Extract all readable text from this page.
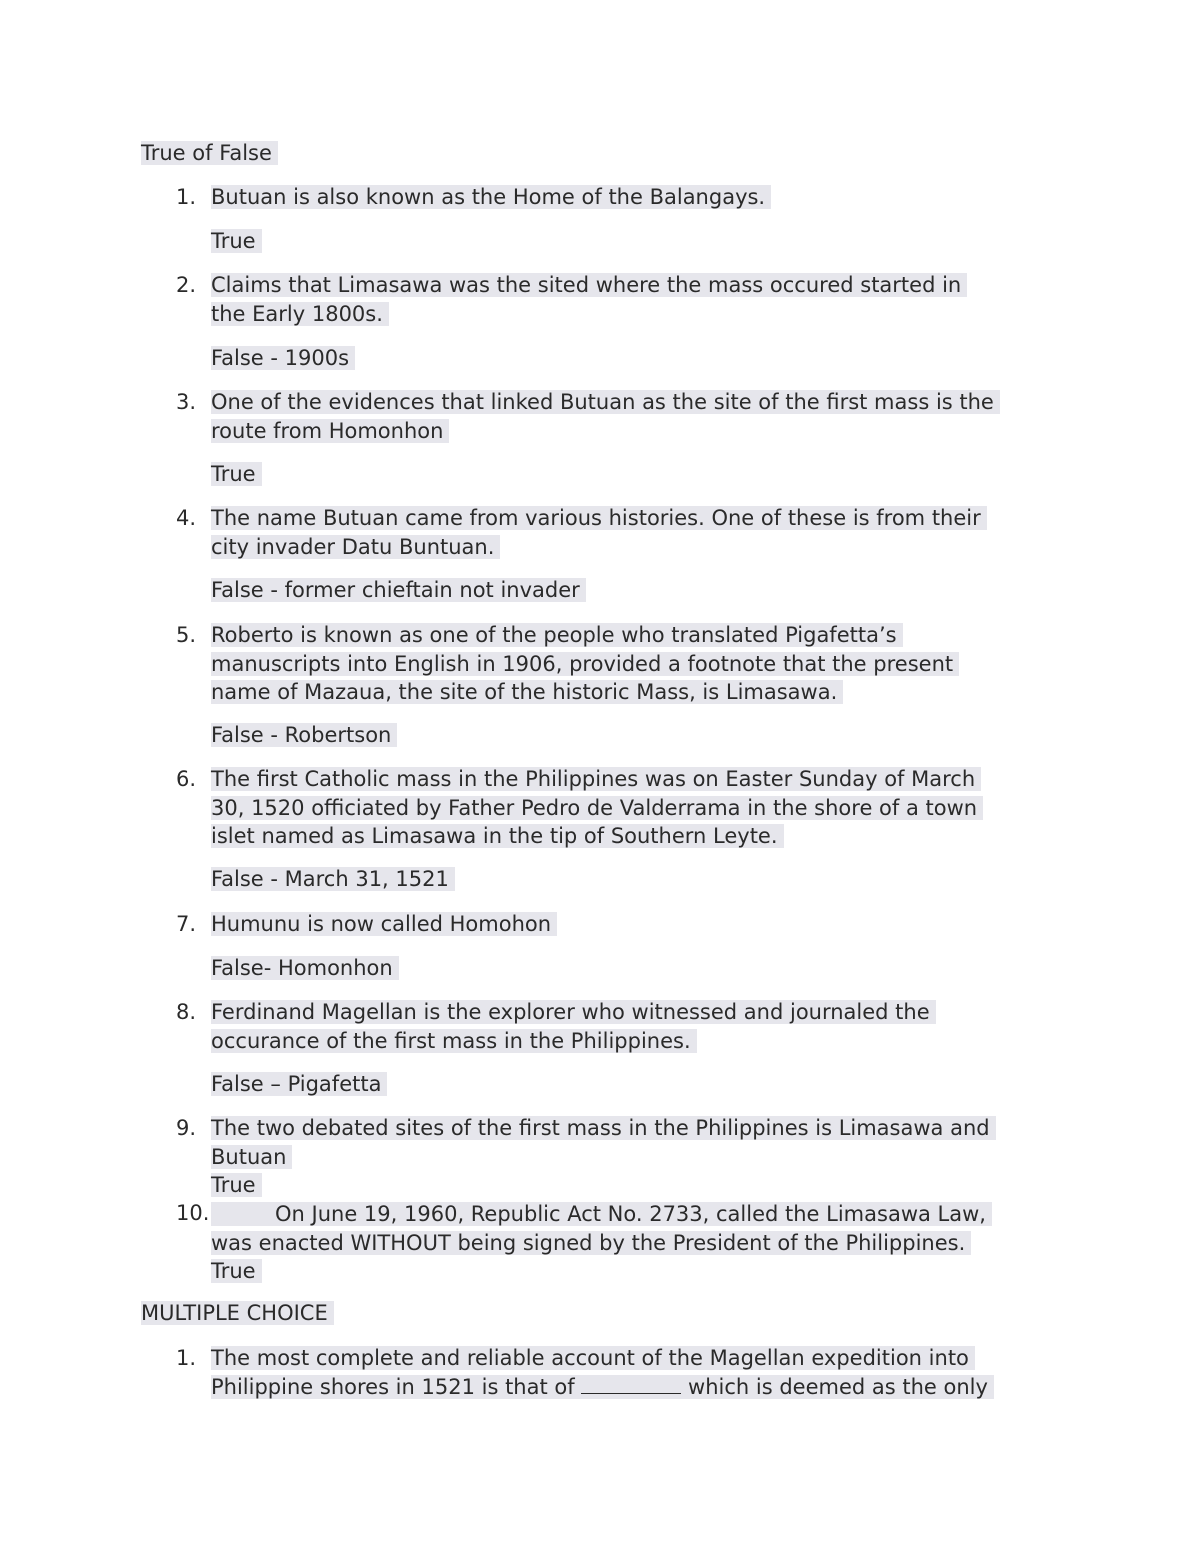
True of False
1. Butuan is also known as the Home of the Balangays.
True
2. Claims that Limasawa was the sited where the mass occured started in
the Early 1800s.
False - 1900s
3. One of the evidences that linked Butuan as the site of the first mass is the
route from Homonhon
True
4. The name Butuan came from various histories. One of these is from their
city invader Datu Buntuan.
False - former chieftain not invader
5. Roberto is known as one of the people who translated Pigafetta’s
manuscripts into English in 1906, provided a footnote that the present
name of Mazaua, the site of the historic Mass, is Limasawa.
False - Robertson
6. The first Catholic mass in the Philippines was on Easter Sunday of March
30, 1520 officiated by Father Pedro de Valderrama in the shore of a town
islet named as Limasawa in the tip of Southern Leyte.
False - March 31, 1521
7. Humunu is now called Homohon
False- Homonhon
8. Ferdinand Magellan is the explorer who witnessed and journaled the
occurance of the first mass in the Philippines.
False – Pigafetta
9. The two debated sites of the first mass in the Philippines is Limasawa and
Butuan
True
10.	On June 19, 1960, Republic Act No. 2733, called the Limasawa Law,
was enacted WITHOUT being signed by the President of the Philippines.
True
MULTIPLE CHOICE
1. The most complete and reliable account of the Magellan expedition into
Philippine shores in 1521 is that of	which is deemed as the only
